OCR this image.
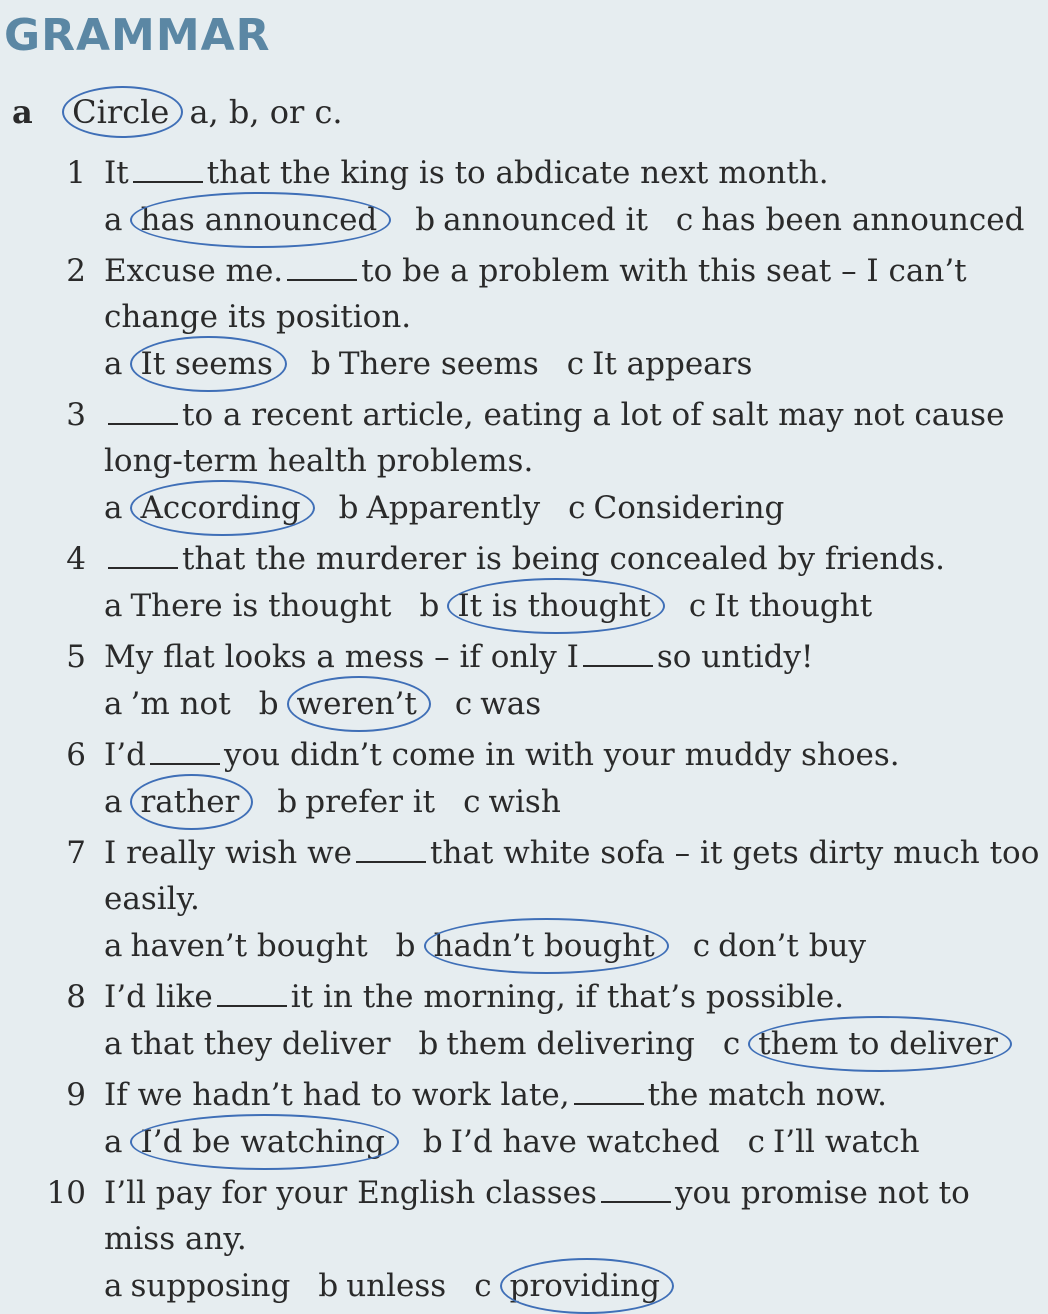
GRAMMAR
a Circle a, b, or c.
1 It	that the king is to abdicate next month.
a has announced b announced it c has been announced
2 Excuse me.	to be a problem with this seat – I can’t change its position.
a It seems b There seems c It appears
3	to a recent article, eating a lot of salt may not cause long-term health problems.
a According b Apparently c Considering
4	that the murderer is being concealed by friends.
a There is thought b It is thought c It thought
5 My flat looks a mess – if only I	so untidy!
a ’m not b weren’t c was
6 I’d	you didn’t come in with your muddy shoes.
a rather b prefer it c wish
7 I really wish we	that white sofa – it gets dirty much too easily.
a haven’t bought b hadn’t bought c don’t buy
8 I’d like	it in the morning, if that’s possible.
a that they deliver b them delivering c them to deliver
9 If we hadn’t had to work late,	the match now.
a I’d be watching b I’d have watched c I’ll watch
10 I’ll pay for your English classes	you promise not to miss any.
a supposing b unless c providing
